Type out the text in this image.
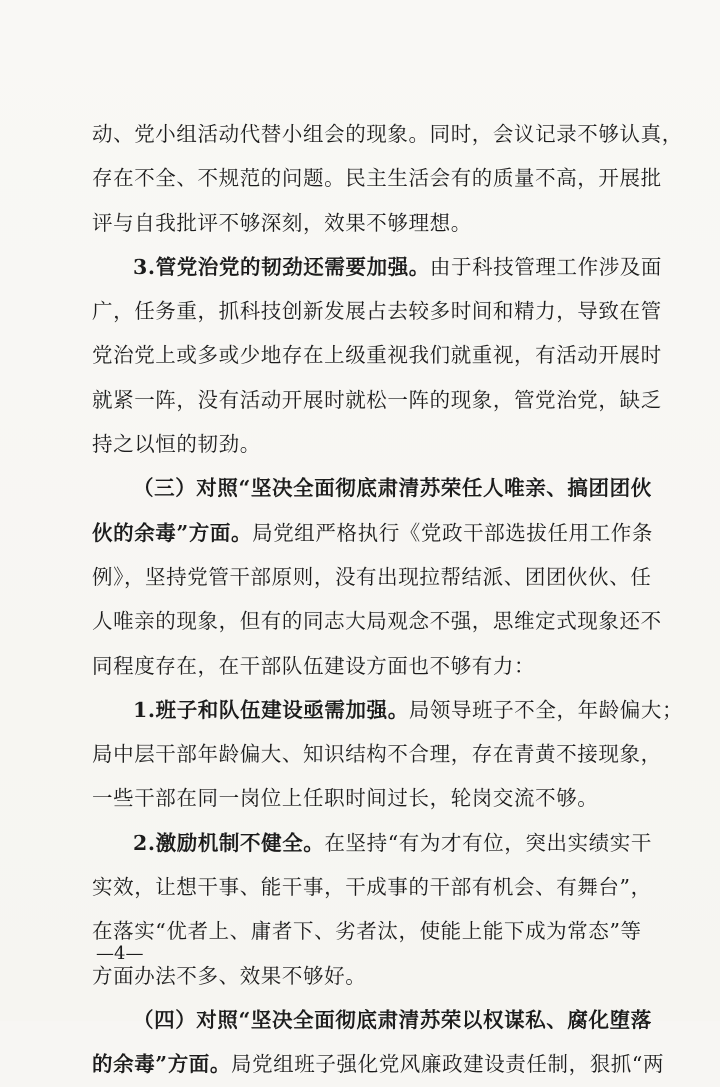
动、党小组活动代替小组会的现象。同时，会议记录不够认真，
存在不全、不规范的问题。民主生活会有的质量不高，开展批
评与自我批评不够深刻，效果不够理想。
3.管党治党的韧劲还需要加强。由于科技管理工作涉及面
广，任务重，抓科技创新发展占去较多时间和精力，导致在管
党治党上或多或少地存在上级重视我们就重视，有活动开展时
就紧一阵，没有活动开展时就松一阵的现象，管党治党，缺乏
持之以恒的韧劲。
（三）对照“坚决全面彻底肃清苏荣任人唯亲、搞团团伙
伙的余毒”方面。局党组严格执行《党政干部选拔任用工作条
例》，坚持党管干部原则，没有出现拉帮结派、团团伙伙、任
人唯亲的现象，但有的同志大局观念不强，思维定式现象还不
同程度存在，在干部队伍建设方面也不够有力：
1.班子和队伍建设亟需加强。局领导班子不全，年龄偏大；
局中层干部年龄偏大、知识结构不合理，存在青黄不接现象，
一些干部在同一岗位上任职时间过长，轮岗交流不够。
2.激励机制不健全。在坚持“有为才有位，突出实绩实干
实效，让想干事、能干事，干成事的干部有机会、有舞台”，
在落实“优者上、庸者下、劣者汰，使能上能下成为常态”等
方面办法不多、效果不够好。
（四）对照“坚决全面彻底肃清苏荣以权谋私、腐化堕落
的余毒”方面。局党组班子强化党风廉政建设责任制，狠抓“两
—4—
